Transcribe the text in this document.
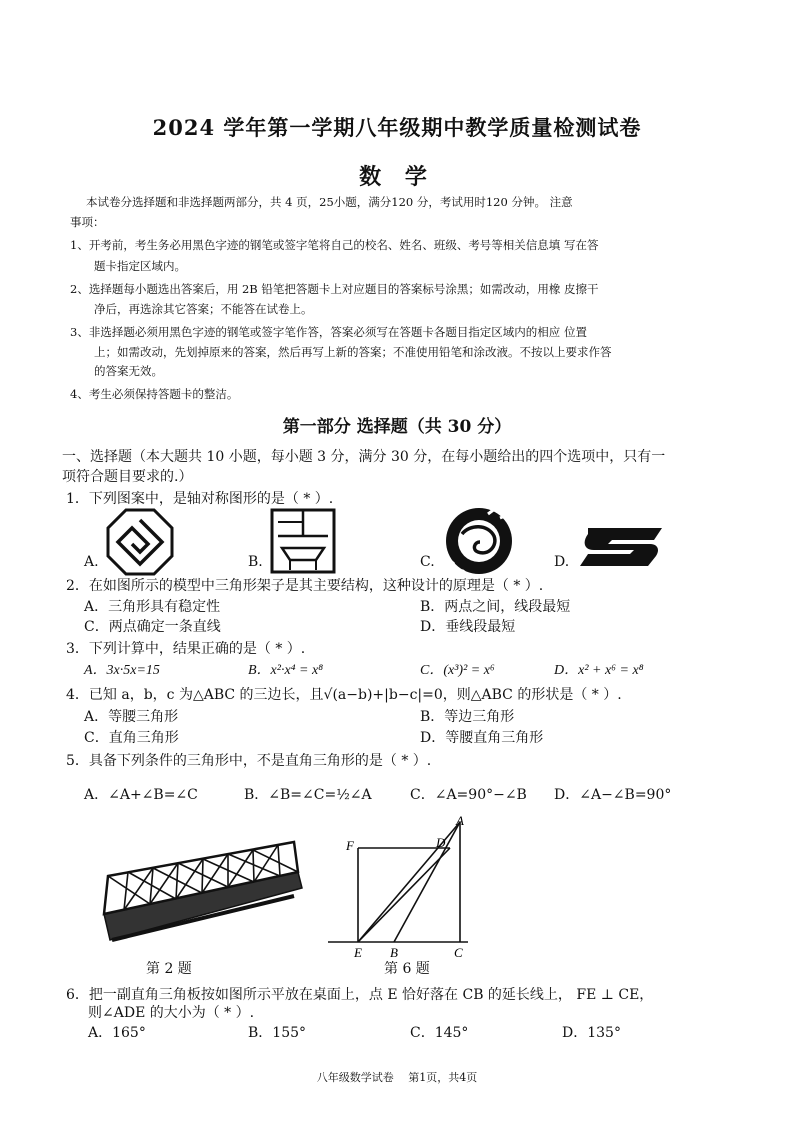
2024 学年第一学期八年级期中教学质量检测试卷
数 学
本试卷分选择题和非选择题两部分，共 4 页，25小题，满分120 分，考试用时120 分钟。 注意
事项：
1、开考前，考生务必用黑色字迹的钢笔或签字笔将自己的校名、姓名、班级、考号等相关信息填 写在答
题卡指定区域内。
2、选择题每小题选出答案后，用 2B 铅笔把答题卡上对应题目的答案标号涂黑；如需改动，用橡 皮擦干
净后，再选涂其它答案；不能答在试卷上。
3、非选择题必须用黑色字迹的钢笔或签字笔作答，答案必须写在答题卡各题目指定区域内的相应 位置
上；如需改动，先划掉原来的答案，然后再写上新的答案；不准使用铅笔和涂改液。不按以上要求作答
的答案无效。
4、考生必须保持答题卡的整洁。
第一部分 选择题（共 30 分）
一、选择题（本大题共 10 小题，每小题 3 分，满分 30 分，在每小题给出的四个选项中，只有一
项符合题目要求的.）
1．下列图案中，是轴对称图形的是（ * ）.
A.	B.	C.	D.
2．在如图所示的模型中三角形架子是其主要结构，这种设计的原理是（ * ）.
A．三角形具有稳定性	B．两点之间，线段最短
C．两点确定一条直线	D．垂线段最短
3．下列计算中，结果正确的是（ * ）.
A．3x·5x=15	B．x²·x⁴ = x⁸	C．(x³)² = x⁶	D．x² + x⁶ = x⁸
4．已知 a，b，c 为△ABC 的三边长，且√(a−b)+|b−c|=0，则△ABC 的形状是（ * ）.
A．等腰三角形	B．等边三角形
C．直角三角形	D．等腰直角三角形
5．具备下列条件的三角形中，不是直角三角形的是（ * ）.
A．∠A+∠B=∠C	B．∠B=∠C=½∠A	C．∠A=90°−∠B D．∠A−∠B=90°
A
D
F
E B	C
第 2 题	第 6 题
6．把一副直角三角板按如图所示平放在桌面上，点 E 恰好落在 CB 的延长线上， FE ⊥ CE，
则∠ADE 的大小为（ * ）.
A．165°	B．155°	C．145°	D．135°
八年级数学试卷　 第1页，共4页
